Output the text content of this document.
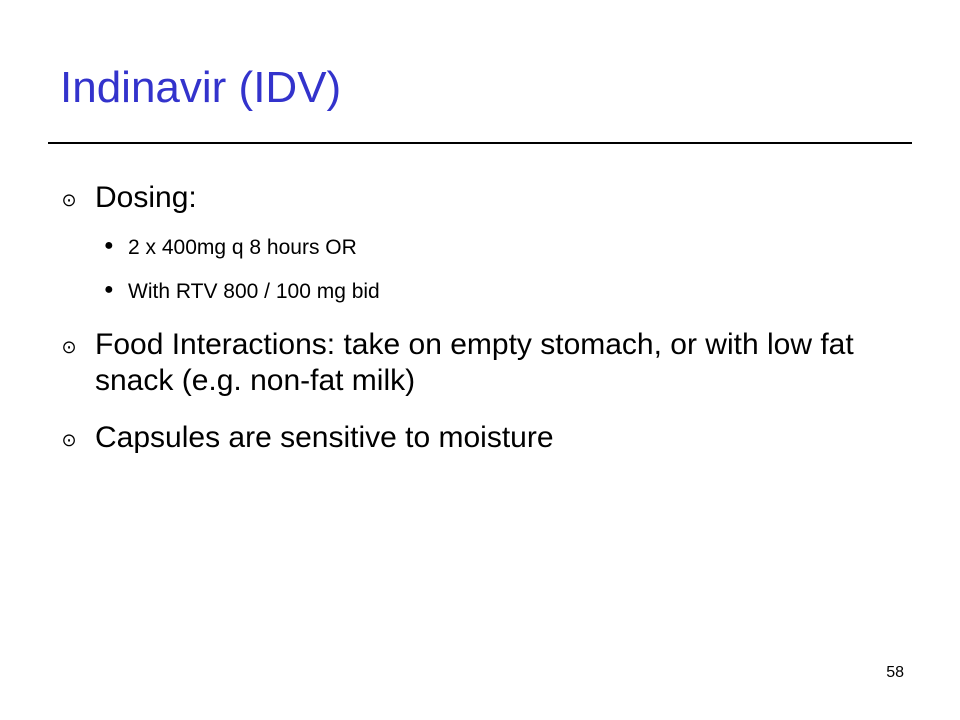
Indinavir (IDV)
⊙ Dosing:
● 2 x 400mg q 8 hours OR
● With RTV 800 / 100 mg bid
⊙ Food Interactions: take on empty stomach, or with low fat snack (e.g. non-fat milk)
⊙ Capsules are sensitive to moisture
58
